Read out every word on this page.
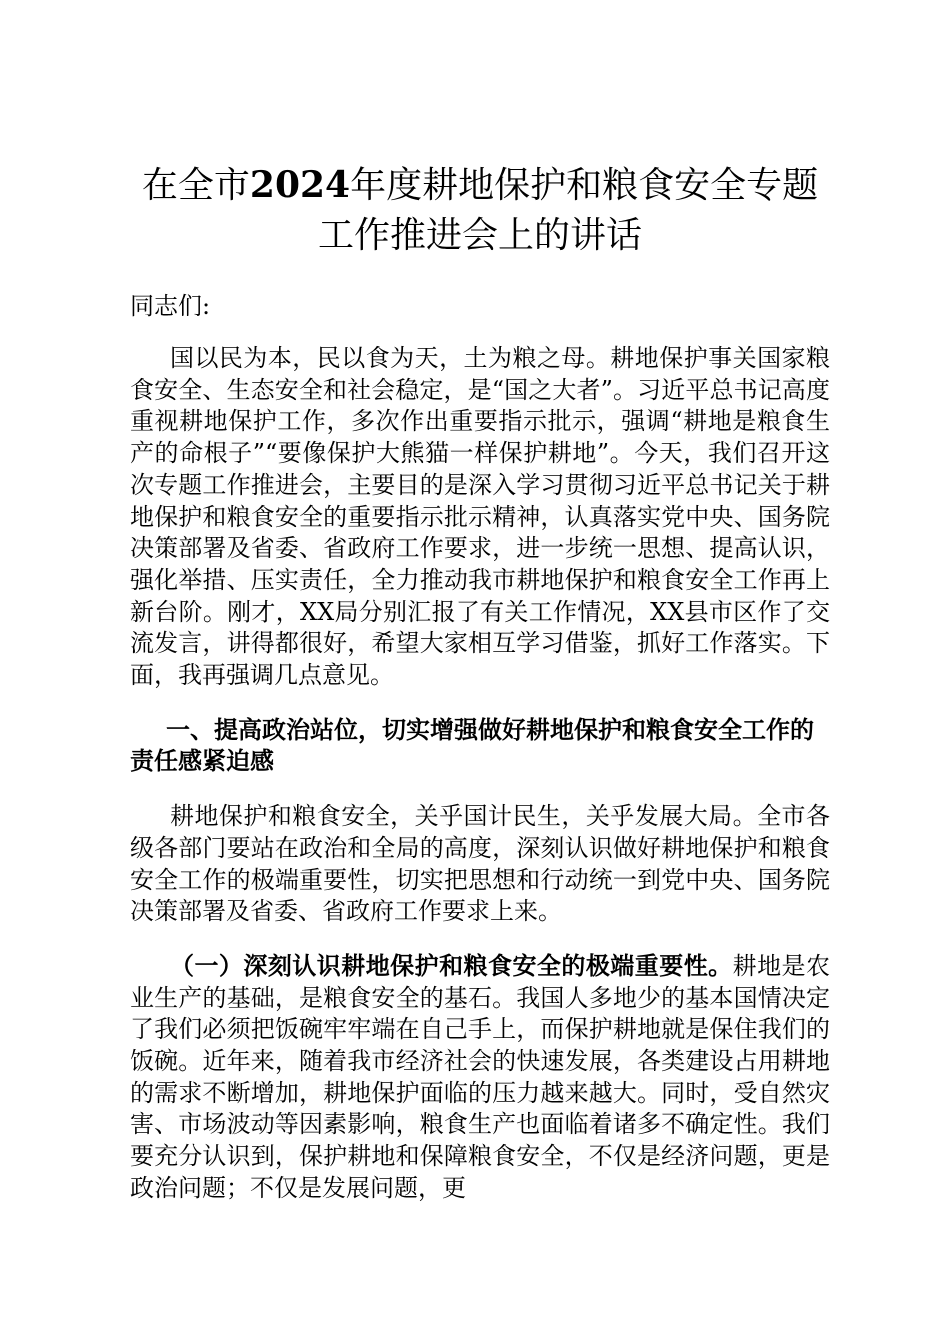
在全市2024年度耕地保护和粮食安全专题工作推进会上的讲话

同志们:

国以民为本，民以食为天，土为粮之母。耕地保护事关国家粮食安全、生态安全和社会稳定，是“国之大者”。习近平总书记高度重视耕地保护工作，多次作出重要指示批示，强调“耕地是粮食生产的命根子”“要像保护大熊猫一样保护耕地”。今天，我们召开这次专题工作推进会，主要目的是深入学习贯彻习近平总书记关于耕地保护和粮食安全的重要指示批示精神，认真落实党中央、国务院决策部署及省委、省政府工作要求，进一步统一思想、提高认识，强化举措、压实责任，全力推动我市耕地保护和粮食安全工作再上新台阶。刚才，XX局分别汇报了有关工作情况，XX县市区作了交流发言，讲得都很好，希望大家相互学习借鉴，抓好工作落实。下面，我再强调几点意见。

一、提高政治站位，切实增强做好耕地保护和粮食安全工作的责任感紧迫感

耕地保护和粮食安全，关乎国计民生，关乎发展大局。全市各级各部门要站在政治和全局的高度，深刻认识做好耕地保护和粮食安全工作的极端重要性，切实把思想和行动统一到党中央、国务院决策部署及省委、省政府工作要求上来。

（一）深刻认识耕地保护和粮食安全的极端重要性。耕地是农业生产的基础，是粮食安全的基石。我国人多地少的基本国情决定了我们必须把饭碗牢牢端在自己手上，而保护耕地就是保住我们的饭碗。近年来，随着我市经济社会的快速发展，各类建设占用耕地的需求不断增加，耕地保护面临的压力越来越大。同时，受自然灾害、市场波动等因素影响，粮食生产也面临着诸多不确定性。我们要充分认识到，保护耕地和保障粮食安全，不仅是经济问题，更是政治问题；不仅是发展问题，更
